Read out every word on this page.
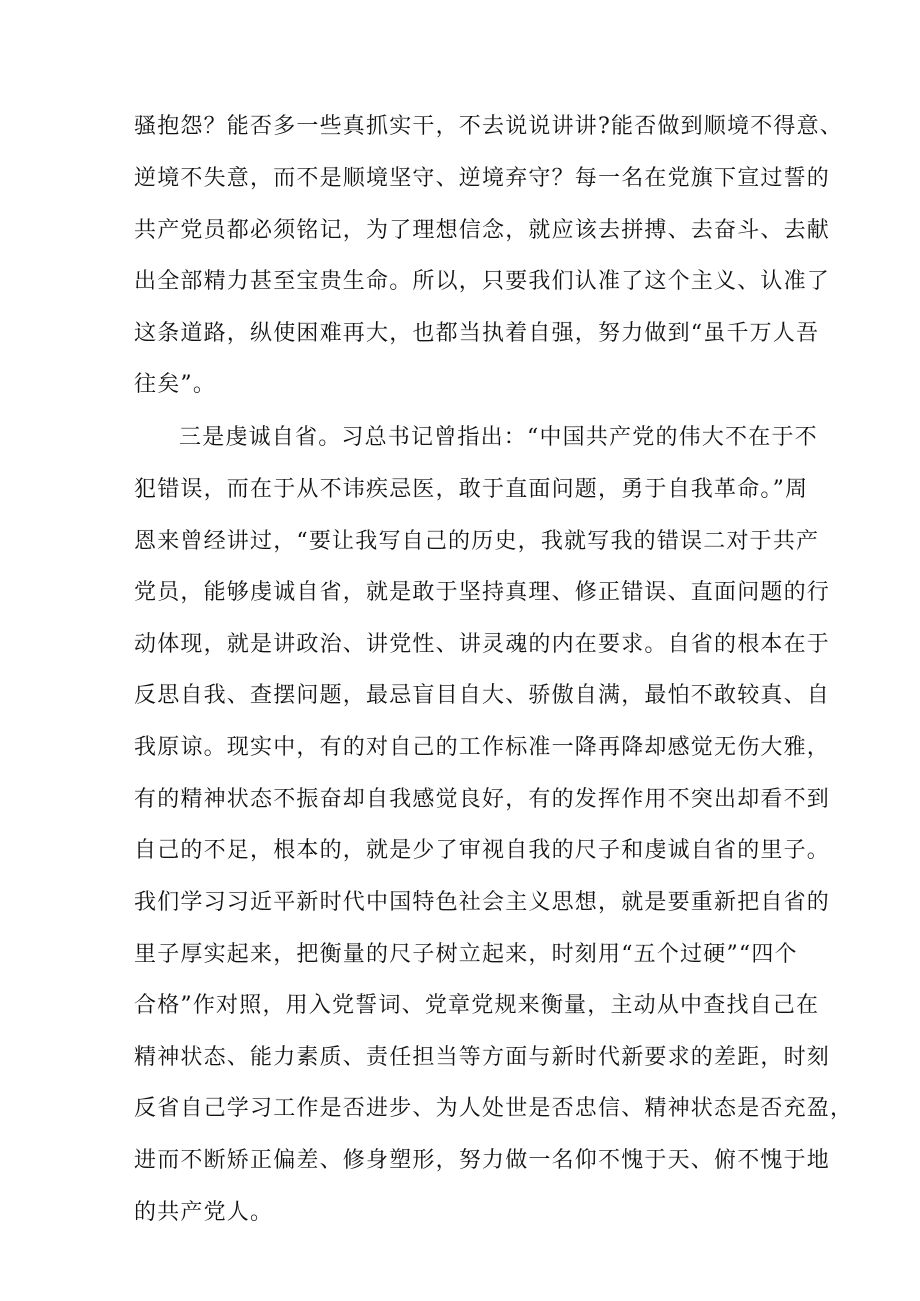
骚抱怨？能否多一些真抓实干，不去说说讲讲?能否做到顺境不得意、
逆境不失意，而不是顺境坚守、逆境弃守？每一名在党旗下宣过誓的
共产党员都必须铭记，为了理想信念，就应该去拼搏、去奋斗、去献
出全部精力甚至宝贵生命。所以，只要我们认准了这个主义、认准了
这条道路，纵使困难再大，也都当执着自强，努力做到“虽千万人吾
往矣”。
三是虔诚自省。习总书记曾指出：“中国共产党的伟大不在于不
犯错误，而在于从不讳疾忌医，敢于直面问题，勇于自我革命。”周
恩来曾经讲过，“要让我写自己的历史，我就写我的错误二对于共产
党员，能够虔诚自省，就是敢于坚持真理、修正错误、直面问题的行
动体现，就是讲政治、讲党性、讲灵魂的内在要求。自省的根本在于
反思自我、查摆问题，最忌盲目自大、骄傲自满，最怕不敢较真、自
我原谅。现实中，有的对自己的工作标准一降再降却感觉无伤大雅，
有的精神状态不振奋却自我感觉良好，有的发挥作用不突出却看不到
自己的不足，根本的，就是少了审视自我的尺子和虔诚自省的里子。
我们学习习近平新时代中国特色社会主义思想，就是要重新把自省的
里子厚实起来，把衡量的尺子树立起来，时刻用“五个过硬”“四个
合格”作对照，用入党誓词、党章党规来衡量，主动从中查找自己在
精神状态、能力素质、责任担当等方面与新时代新要求的差距，时刻
反省自己学习工作是否进步、为人处世是否忠信、精神状态是否充盈，
进而不断矫正偏差、修身塑形，努力做一名仰不愧于天、俯不愧于地
的共产党人。
